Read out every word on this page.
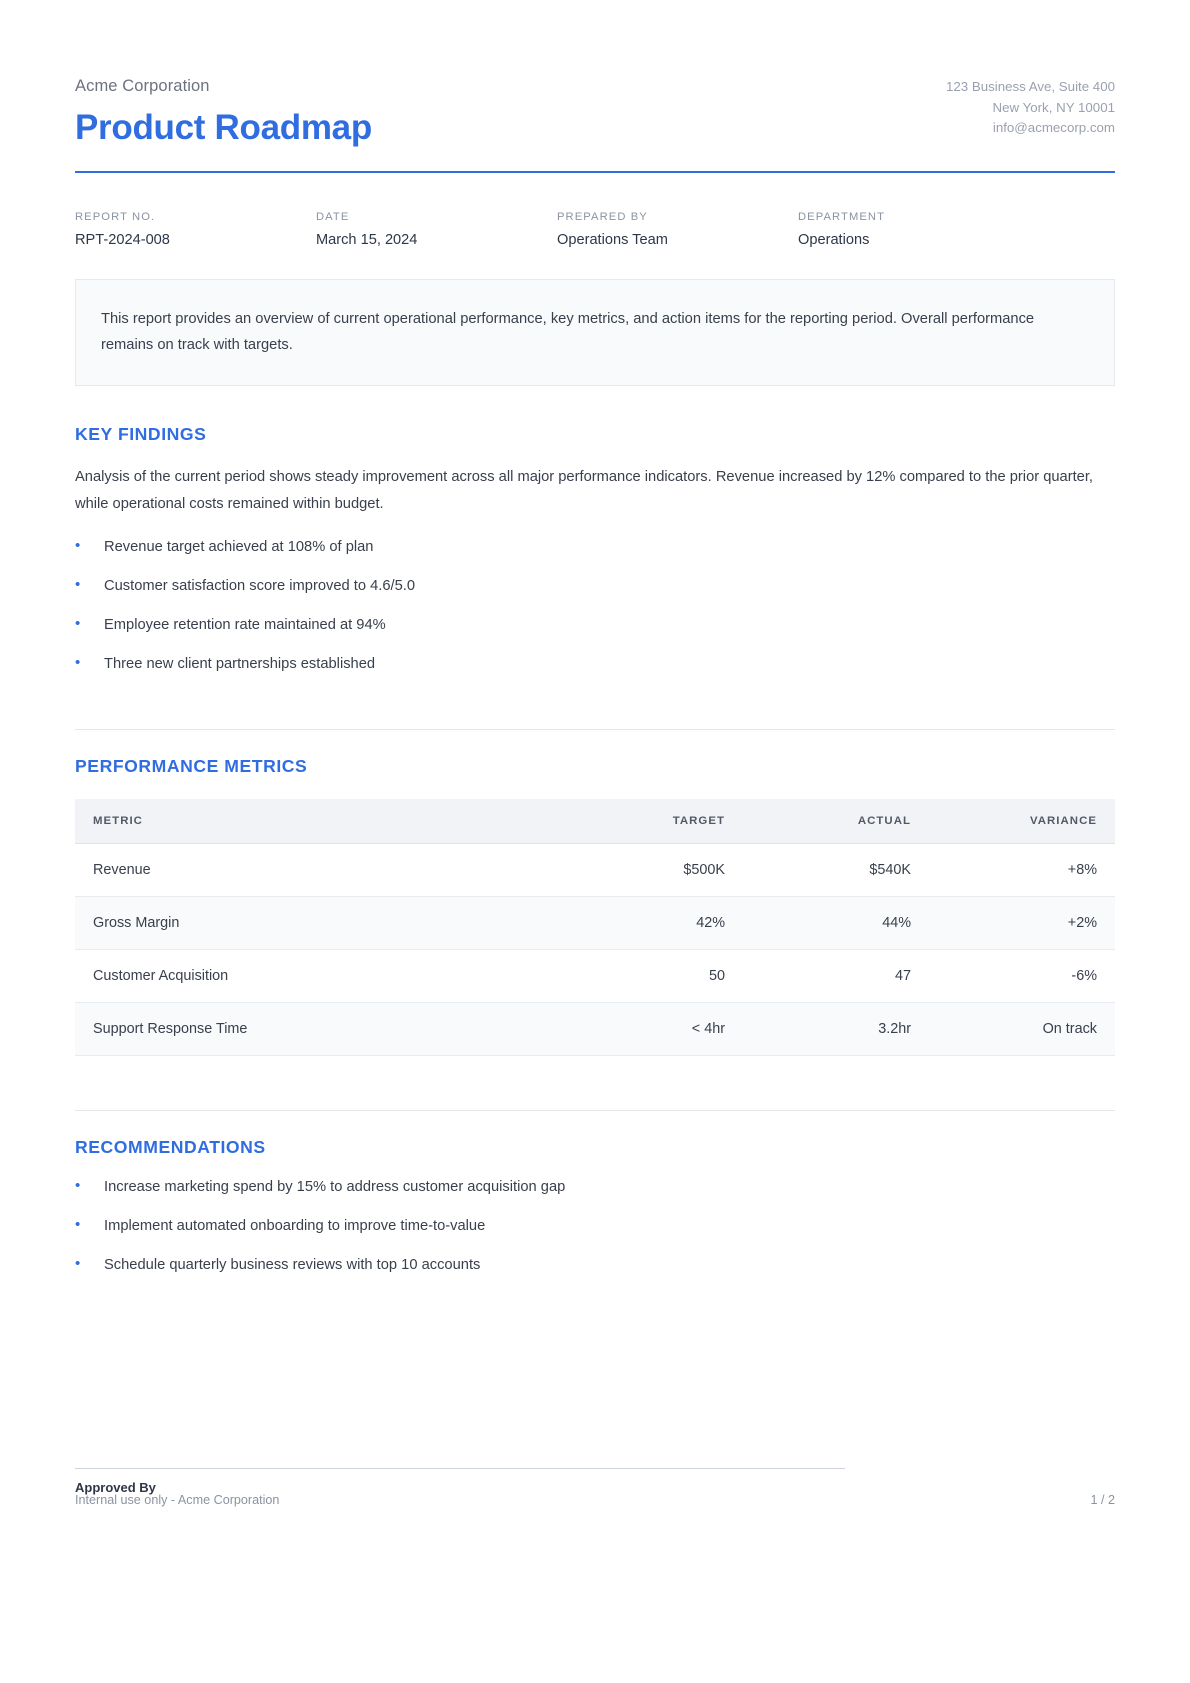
Acme Corporation
Product Roadmap
123 Business Ave, Suite 400
New York, NY 10001
info@acmecorp.com
REPORT NO.
RPT-2024-008
DATE
March 15, 2024
PREPARED BY
Operations Team
DEPARTMENT
Operations
This report provides an overview of current operational performance, key metrics, and action items for the reporting period. Overall performance remains on track with targets.
KEY FINDINGS
Analysis of the current period shows steady improvement across all major performance indicators. Revenue increased by 12% compared to the prior quarter, while operational costs remained within budget.
• Revenue target achieved at 108% of plan
• Customer satisfaction score improved to 4.6/5.0
• Employee retention rate maintained at 94%
• Three new client partnerships established
PERFORMANCE METRICS
METRIC	TARGET	ACTUAL	VARIANCE
Revenue	$500K	$540K	+8%
Gross Margin	42%	44%	+2%
Customer Acquisition	50	47	-6%
Support Response Time	< 4hr	3.2hr	On track
RECOMMENDATIONS
• Increase marketing spend by 15% to address customer acquisition gap
• Implement automated onboarding to improve time-to-value
• Schedule quarterly business reviews with top 10 accounts
Approved By
Internal use only - Acme Corporation	1 / 2
